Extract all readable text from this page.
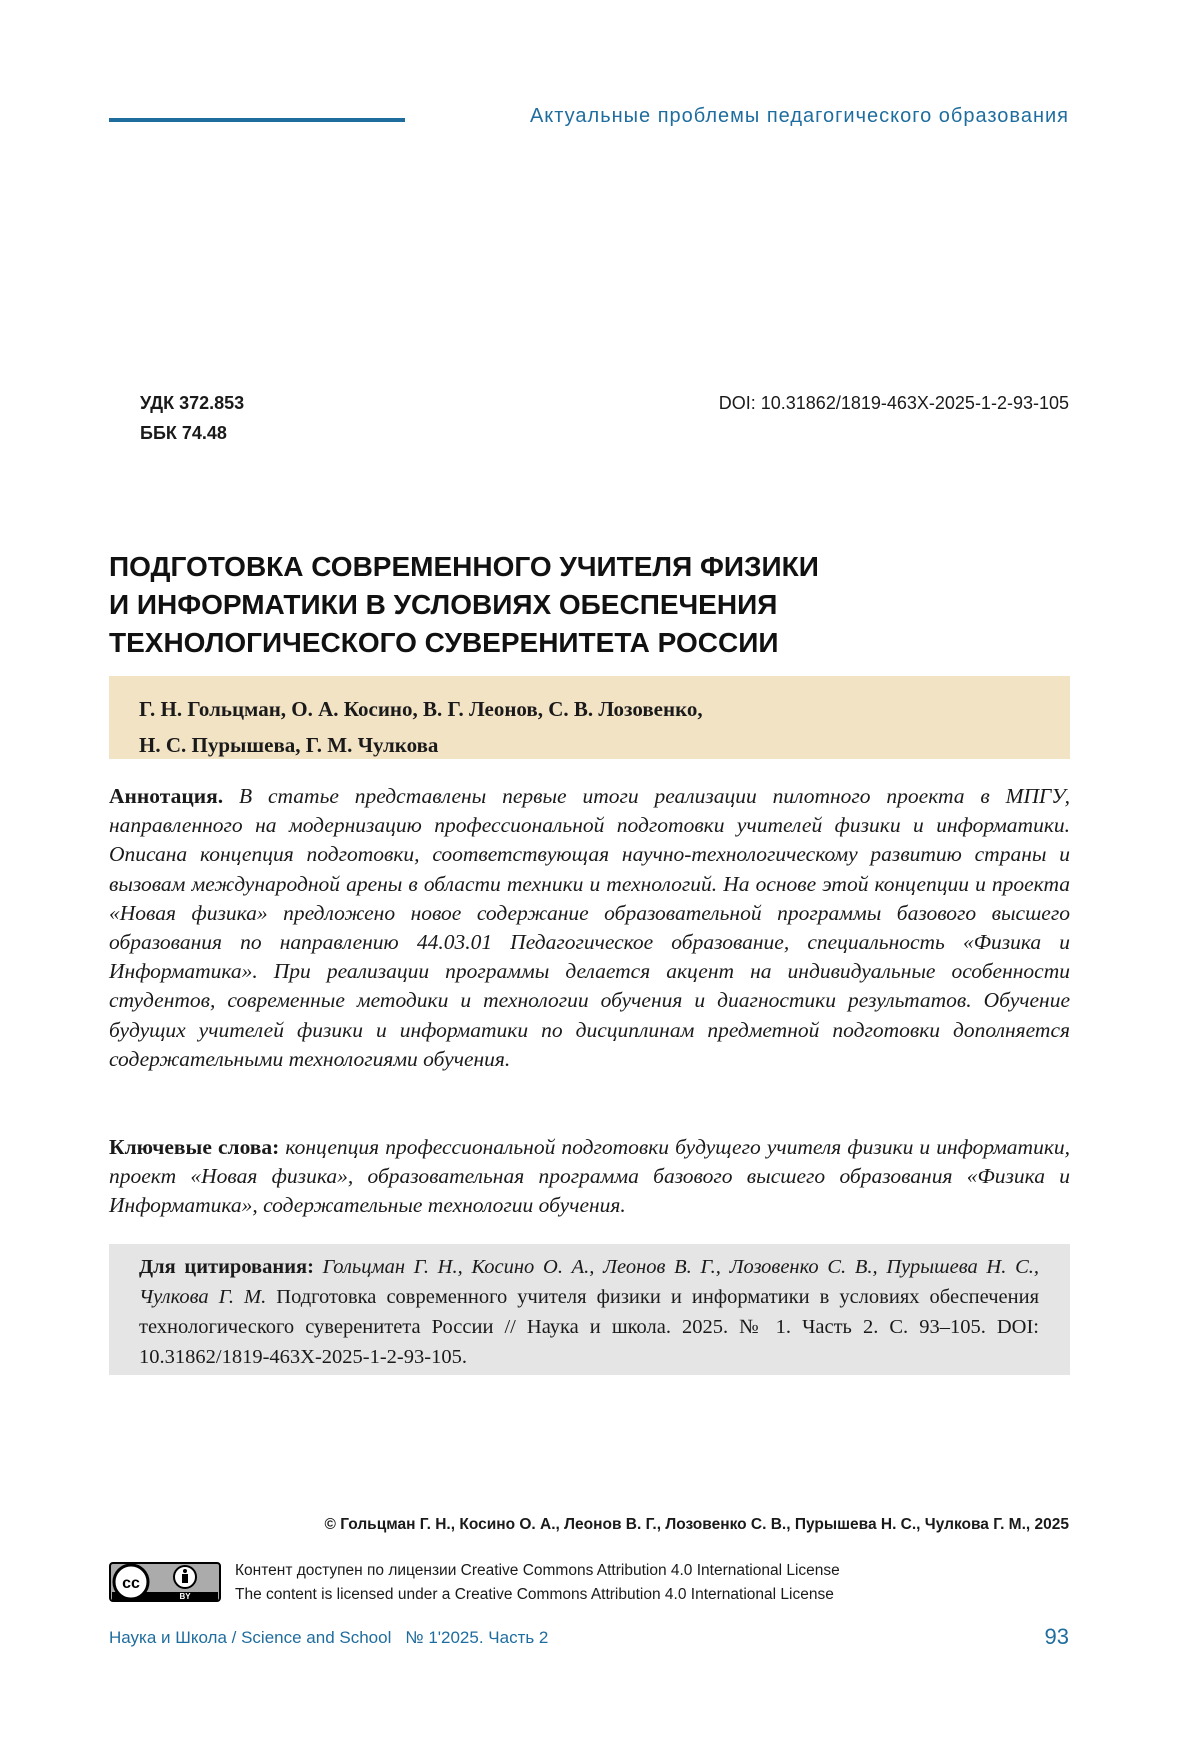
Актуальные проблемы педагогического образования
УДК 372.853
ББК 74.48
DOI: 10.31862/1819-463X-2025-1-2-93-105
ПОДГОТОВКА СОВРЕМЕННОГО УЧИТЕЛЯ ФИЗИКИ
И ИНФОРМАТИКИ В УСЛОВИЯХ ОБЕСПЕЧЕНИЯ
ТЕХНОЛОГИЧЕСКОГО СУВЕРЕНИТЕТА РОССИИ
Г. Н. Гольцман, О. А. Косино, В. Г. Леонов, С. В. Лозовенко,
Н. С. Пурышева, Г. М. Чулкова

Аннотация. В статье представлены первые итоги реализации пилотного проекта в МПГУ, направленного на модернизацию профессиональной подготовки учителей физики и информатики. Описана концепция подготовки, соответствующая научно-технологическому развитию страны и вызовам международной арены в области техники и технологий. На основе этой концепции и проекта «Новая физика» предложено новое содержание образовательной программы базового высшего образования по направлению 44.03.01 Педагогическое образование, специальность «Физика и Информатика». При реализации программы делается акцент на индивидуальные особенности студентов, современные методики и технологии обучения и диагностики результатов. Обучение будущих учителей физики и информатики по дисциплинам предметной подготовки дополняется содержательными технологиями обучения.

Ключевые слова: концепция профессиональной подготовки будущего учителя физики и информатики, проект «Новая физика», образовательная программа базового высшего образования «Физика и Информатика», содержательные технологии обучения.

Для цитирования: Гольцман Г. Н., Косино О. А., Леонов В. Г., Лозовенко С. В., Пурышева Н. С., Чулкова Г. М. Подготовка современного учителя физики и информатики в условиях обеспечения технологического суверенитета России // Наука и школа. 2025. № 1. Часть 2. С. 93–105. DOI: 10.31862/1819-463X-2025-1-2-93-105.

© Гольцман Г. Н., Косино О. А., Леонов В. Г., Лозовенко С. В., Пурышева Н. С., Чулкова Г. М., 2025
cc
BY
Контент доступен по лицензии Creative Commons Attribution 4.0 International License
The content is licensed under a Creative Commons Attribution 4.0 International License
Наука и Школа / Science and School № 1'2025. Часть 2	93
